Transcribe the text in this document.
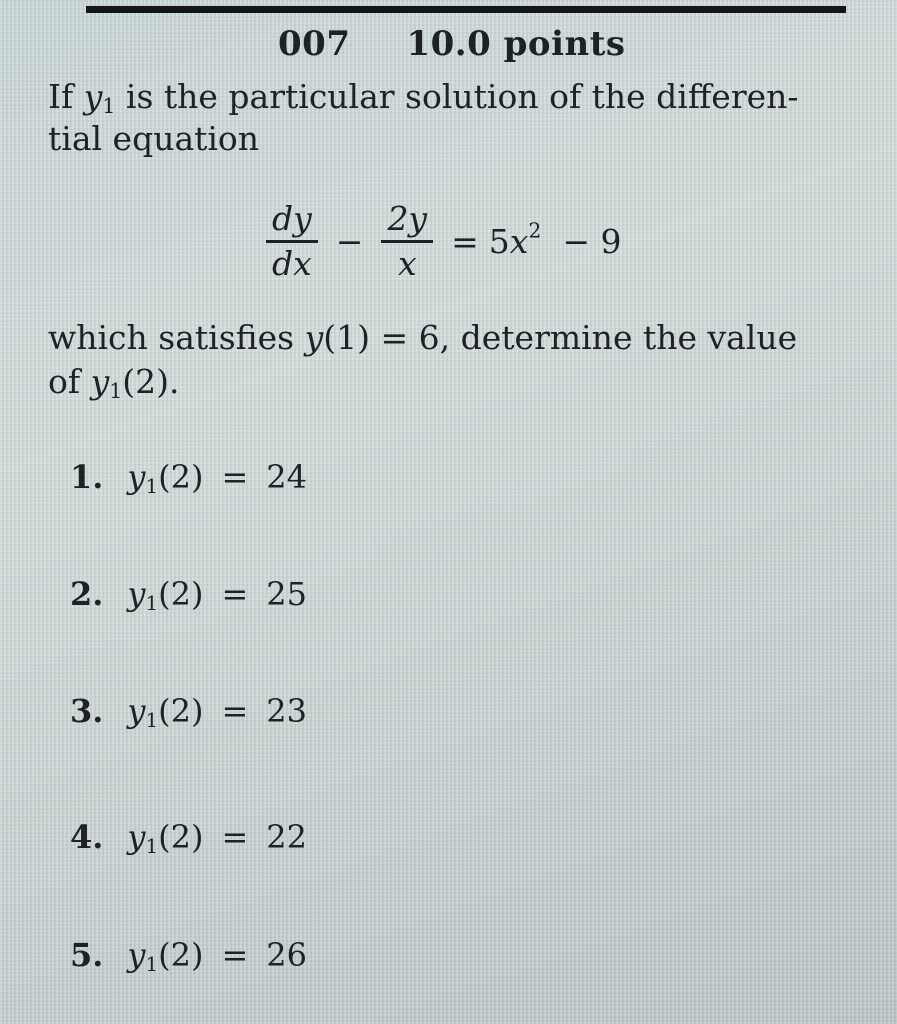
007 10.0 points

If $y_1$ is the particular solution of the differen-

tial equation

$\frac{dy}{dx} - \frac{2y}{x} = 5x^2 - 9$

which satisfies y(1) = 6, determine the value

of $y_1(2)$.

1. $y_1(2) = 24$
2. $y_1(2) = 25$
3. $y_1(2) = 23$
4. $y_1(2) = 22$
5. $y_1(2) = 26$
